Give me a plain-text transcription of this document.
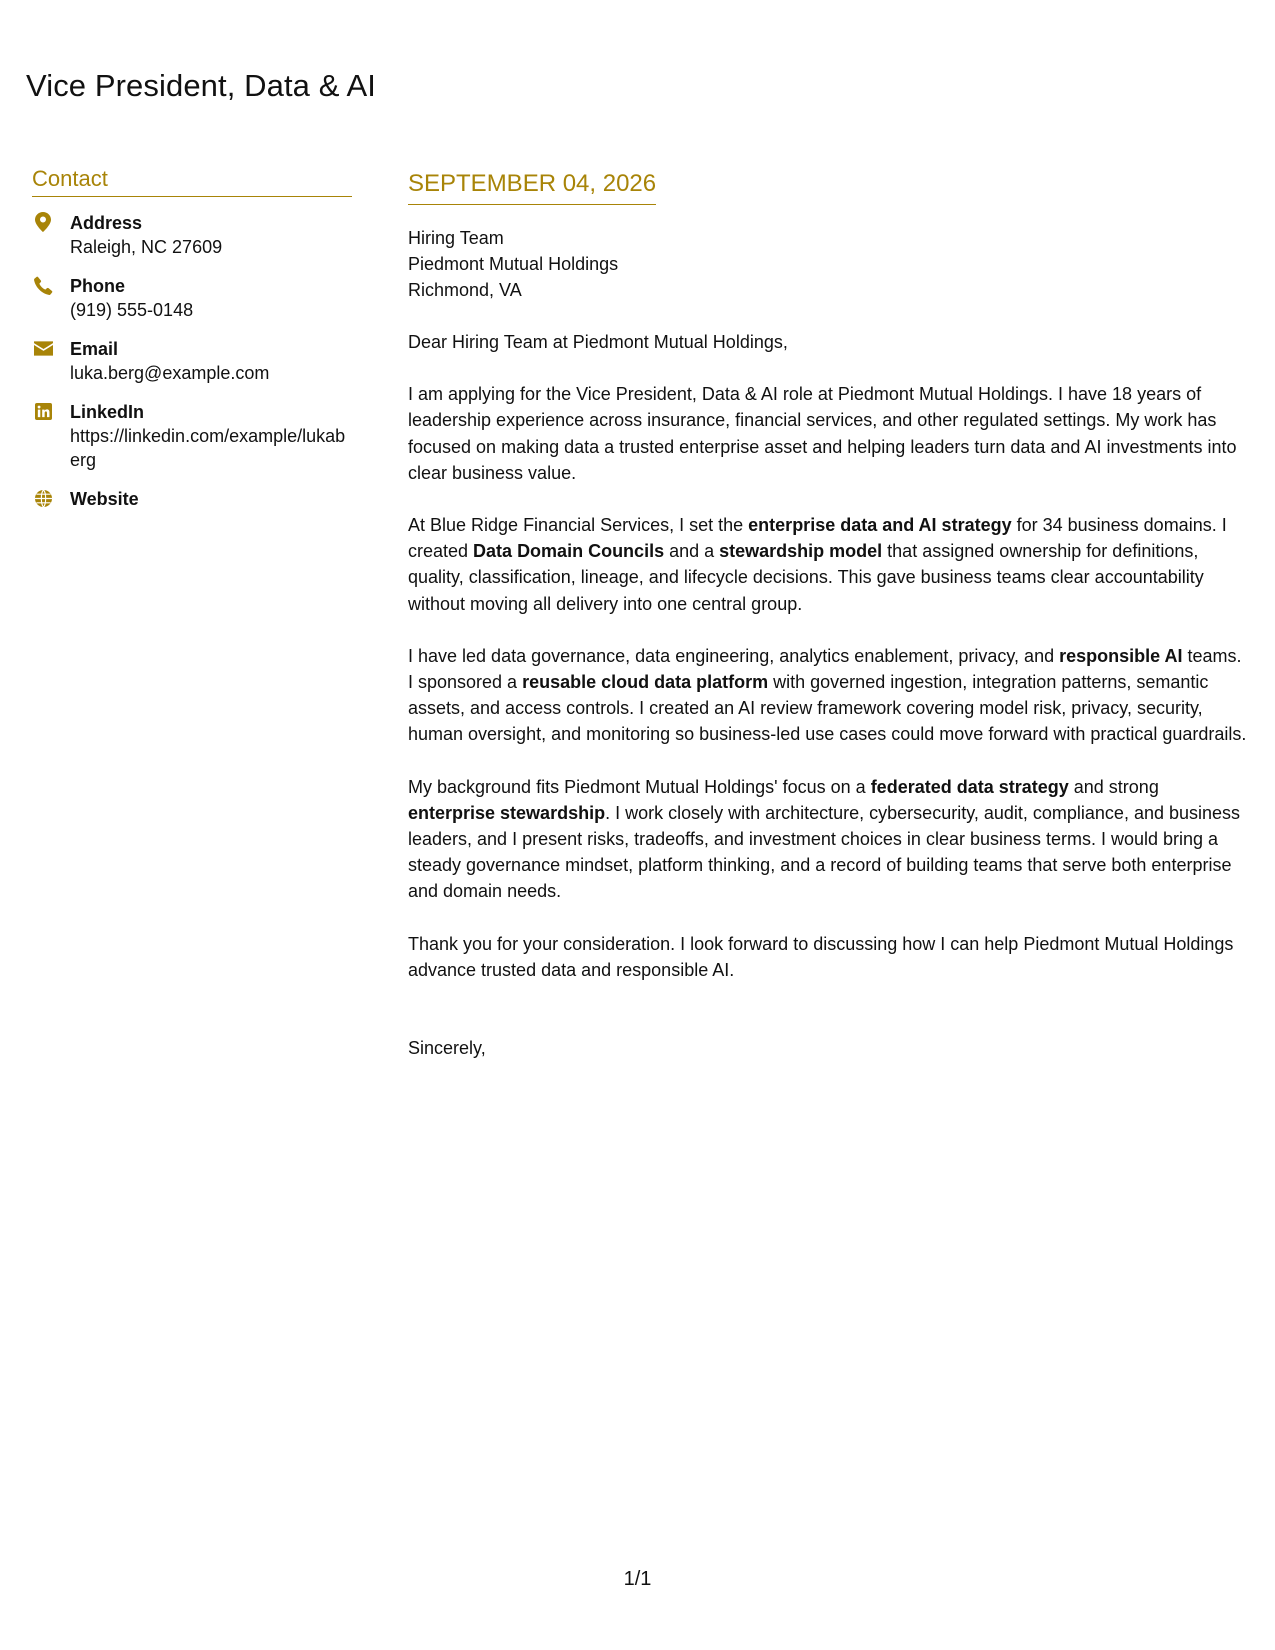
Vice President, Data & AI
Contact
Address
Raleigh, NC 27609
Phone
(919) 555-0148
Email
luka.berg@example.com
LinkedIn
https://linkedin.com/example/lukaberg
Website
SEPTEMBER 04, 2026
Hiring Team
Piedmont Mutual Holdings
Richmond, VA

Dear Hiring Team at Piedmont Mutual Holdings,

I am applying for the Vice President, Data & AI role at Piedmont Mutual Holdings. I have 18 years of leadership experience across insurance, financial services, and other regulated settings. My work has focused on making data a trusted enterprise asset and helping leaders turn data and AI investments into clear business value.

At Blue Ridge Financial Services, I set the enterprise data and AI strategy for 34 business domains. I created Data Domain Councils and a stewardship model that assigned ownership for definitions, quality, classification, lineage, and lifecycle decisions. This gave business teams clear accountability without moving all delivery into one central group.

I have led data governance, data engineering, analytics enablement, privacy, and responsible AI teams. I sponsored a reusable cloud data platform with governed ingestion, integration patterns, semantic assets, and access controls. I created an AI review framework covering model risk, privacy, security, human oversight, and monitoring so business-led use cases could move forward with practical guardrails.

My background fits Piedmont Mutual Holdings' focus on a federated data strategy and strong enterprise stewardship. I work closely with architecture, cybersecurity, audit, compliance, and business leaders, and I present risks, tradeoffs, and investment choices in clear business terms. I would bring a steady governance mindset, platform thinking, and a record of building teams that serve both enterprise and domain needs.

Thank you for your consideration. I look forward to discussing how I can help Piedmont Mutual Holdings advance trusted data and responsible AI.

Sincerely,
1/1
